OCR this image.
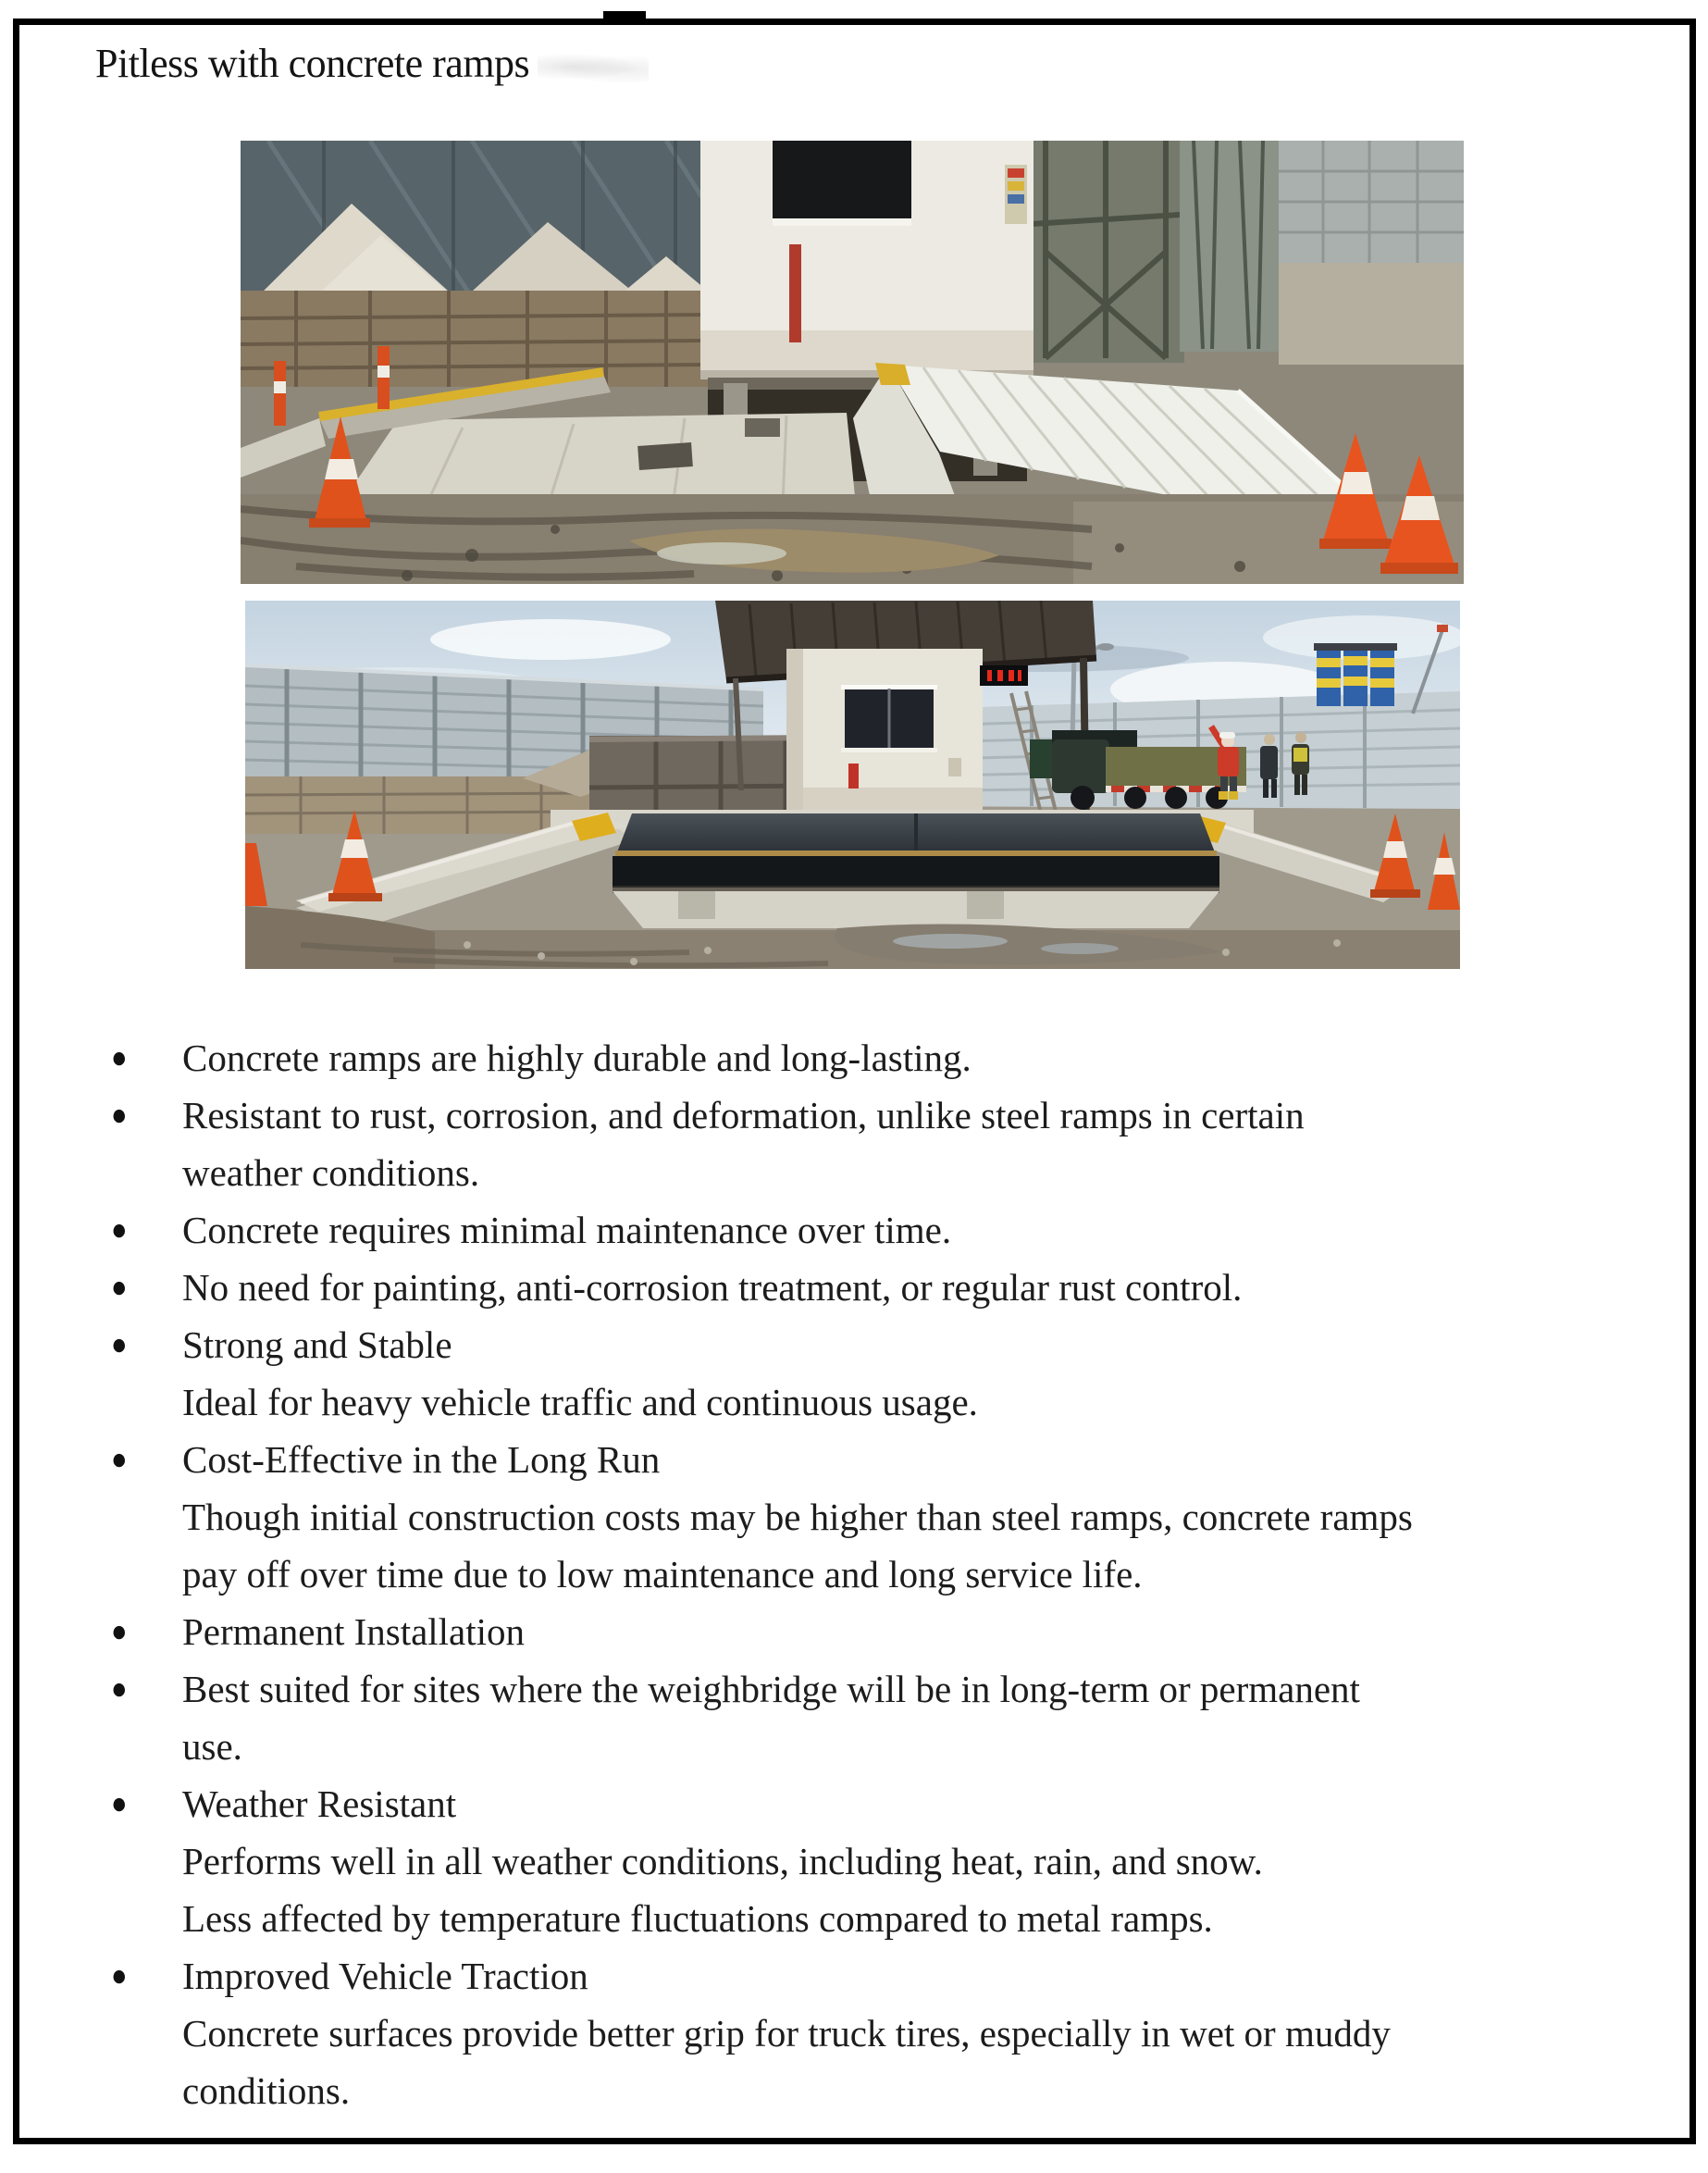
Pitless with concrete ramps
● Concrete ramps are highly durable and long-lasting.
● Resistant to rust, corrosion, and deformation, unlike steel ramps in certain
weather conditions.
● Concrete requires minimal maintenance over time.
● No need for painting, anti-corrosion treatment, or regular rust control.
● Strong and Stable
Ideal for heavy vehicle traffic and continuous usage.
● Cost-Effective in the Long Run
Though initial construction costs may be higher than steel ramps, concrete ramps
pay off over time due to low maintenance and long service life.
● Permanent Installation
● Best suited for sites where the weighbridge will be in long-term or permanent
use.
● Weather Resistant
Performs well in all weather conditions, including heat, rain, and snow.
Less affected by temperature fluctuations compared to metal ramps.
● Improved Vehicle Traction
Concrete surfaces provide better grip for truck tires, especially in wet or muddy
conditions.
